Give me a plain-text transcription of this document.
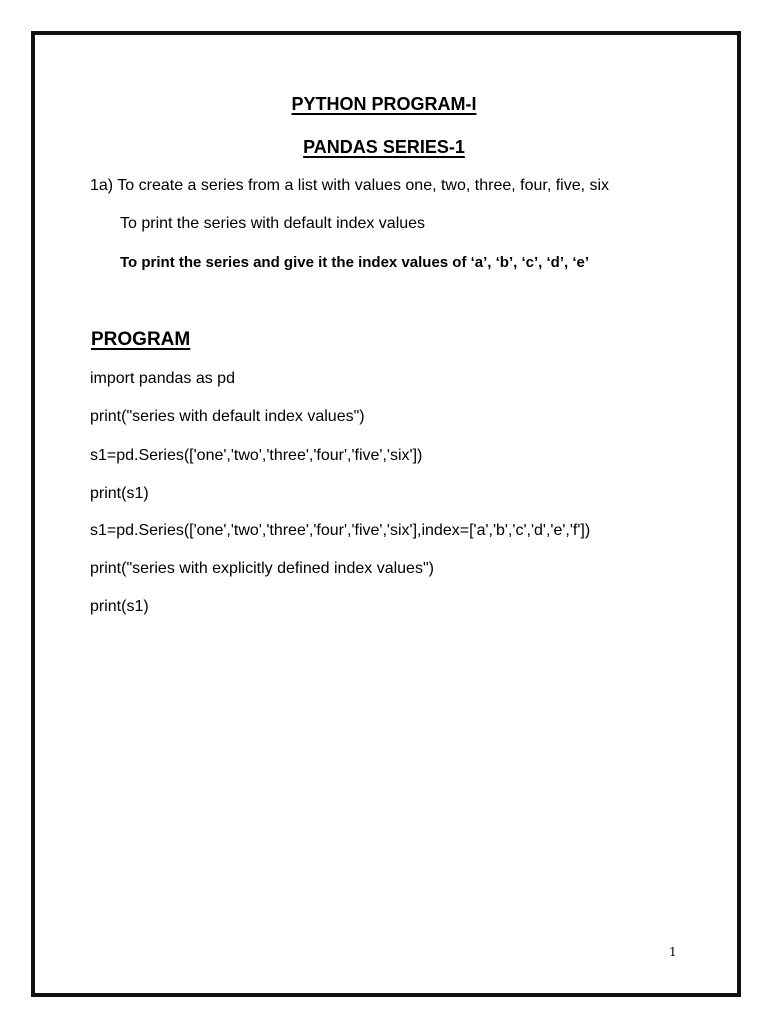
PYTHON PROGRAM-I
PANDAS SERIES-1
1a) To create a series from a list with values one, two, three, four, five, six
To print the series with default index values
To print the series and give it the index values of ‘a’, ‘b’, ‘c’, ‘d’, ‘e’
PROGRAM
import pandas as pd
print("series with default index values")
s1=pd.Series(['one','two','three','four','five','six'])
print(s1)
s1=pd.Series(['one','two','three','four','five','six'],index=['a','b','c','d','e','f'])
print("series with explicitly defined index values")
print(s1)
1
